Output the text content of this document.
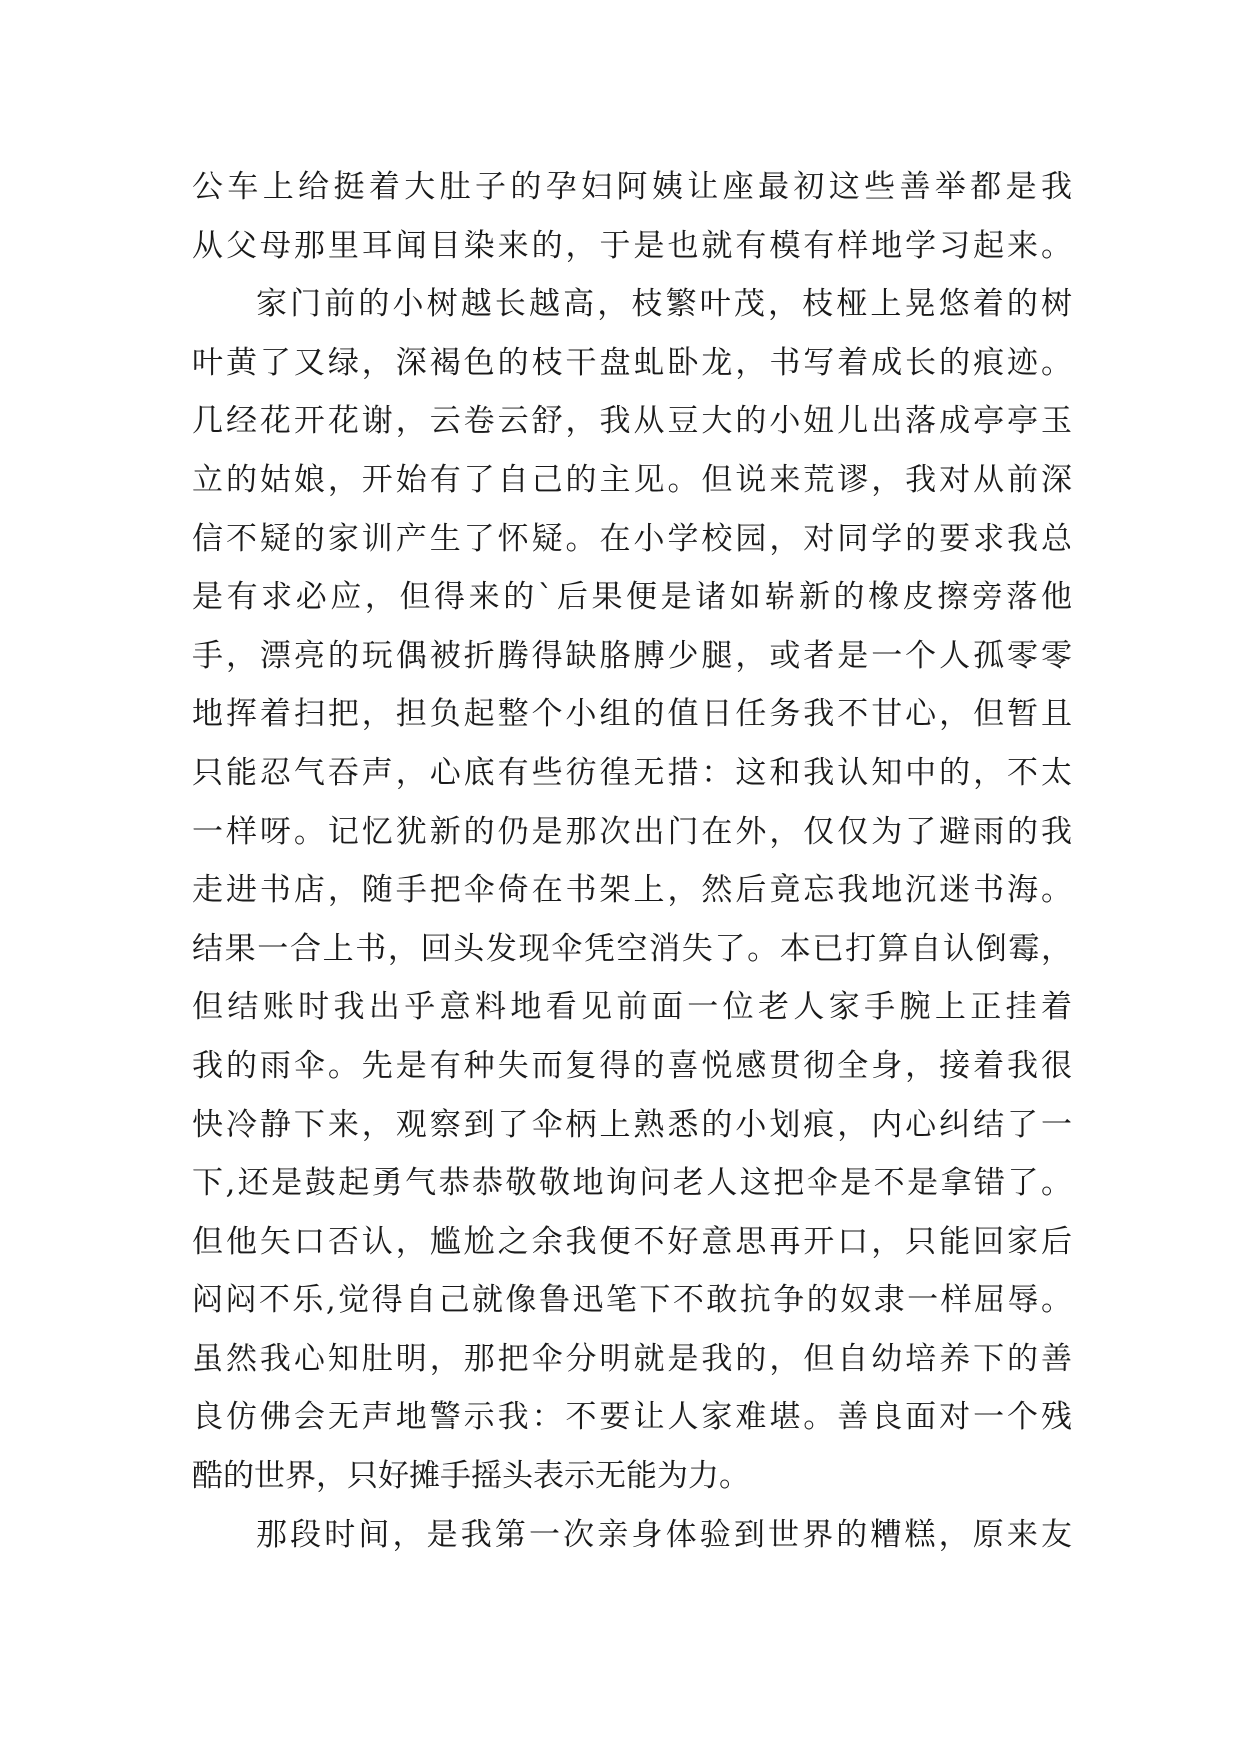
公车上给挺着大肚子的孕妇阿姨让座最初这些善举都是我
从父母那里耳闻目染来的，于是也就有模有样地学习起来。
家门前的小树越长越高，枝繁叶茂，枝桠上晃悠着的树
叶黄了又绿，深褐色的枝干盘虬卧龙，书写着成长的痕迹。
几经花开花谢，云卷云舒，我从豆大的小妞儿出落成亭亭玉
立的姑娘，开始有了自己的主见。但说来荒谬，我对从前深
信不疑的家训产生了怀疑。在小学校园，对同学的要求我总
是有求必应，但得来的`后果便是诸如崭新的橡皮擦旁落他
手，漂亮的玩偶被折腾得缺胳膊少腿，或者是一个人孤零零
地挥着扫把，担负起整个小组的值日任务我不甘心，但暂且
只能忍气吞声，心底有些彷徨无措：这和我认知中的，不太
一样呀。记忆犹新的仍是那次出门在外，仅仅为了避雨的我
走进书店，随手把伞倚在书架上，然后竟忘我地沉迷书海。
结果一合上书，回头发现伞凭空消失了。本已打算自认倒霉，
但结账时我出乎意料地看见前面一位老人家手腕上正挂着
我的雨伞。先是有种失而复得的喜悦感贯彻全身，接着我很
快冷静下来，观察到了伞柄上熟悉的小划痕，内心纠结了一
下,还是鼓起勇气恭恭敬敬地询问老人这把伞是不是拿错了。
但他矢口否认，尴尬之余我便不好意思再开口，只能回家后
闷闷不乐,觉得自己就像鲁迅笔下不敢抗争的奴隶一样屈辱。
虽然我心知肚明，那把伞分明就是我的，但自幼培养下的善
良仿佛会无声地警示我：不要让人家难堪。善良面对一个残
酷的世界，只好摊手摇头表示无能为力。
那段时间，是我第一次亲身体验到世界的糟糕，原来友
